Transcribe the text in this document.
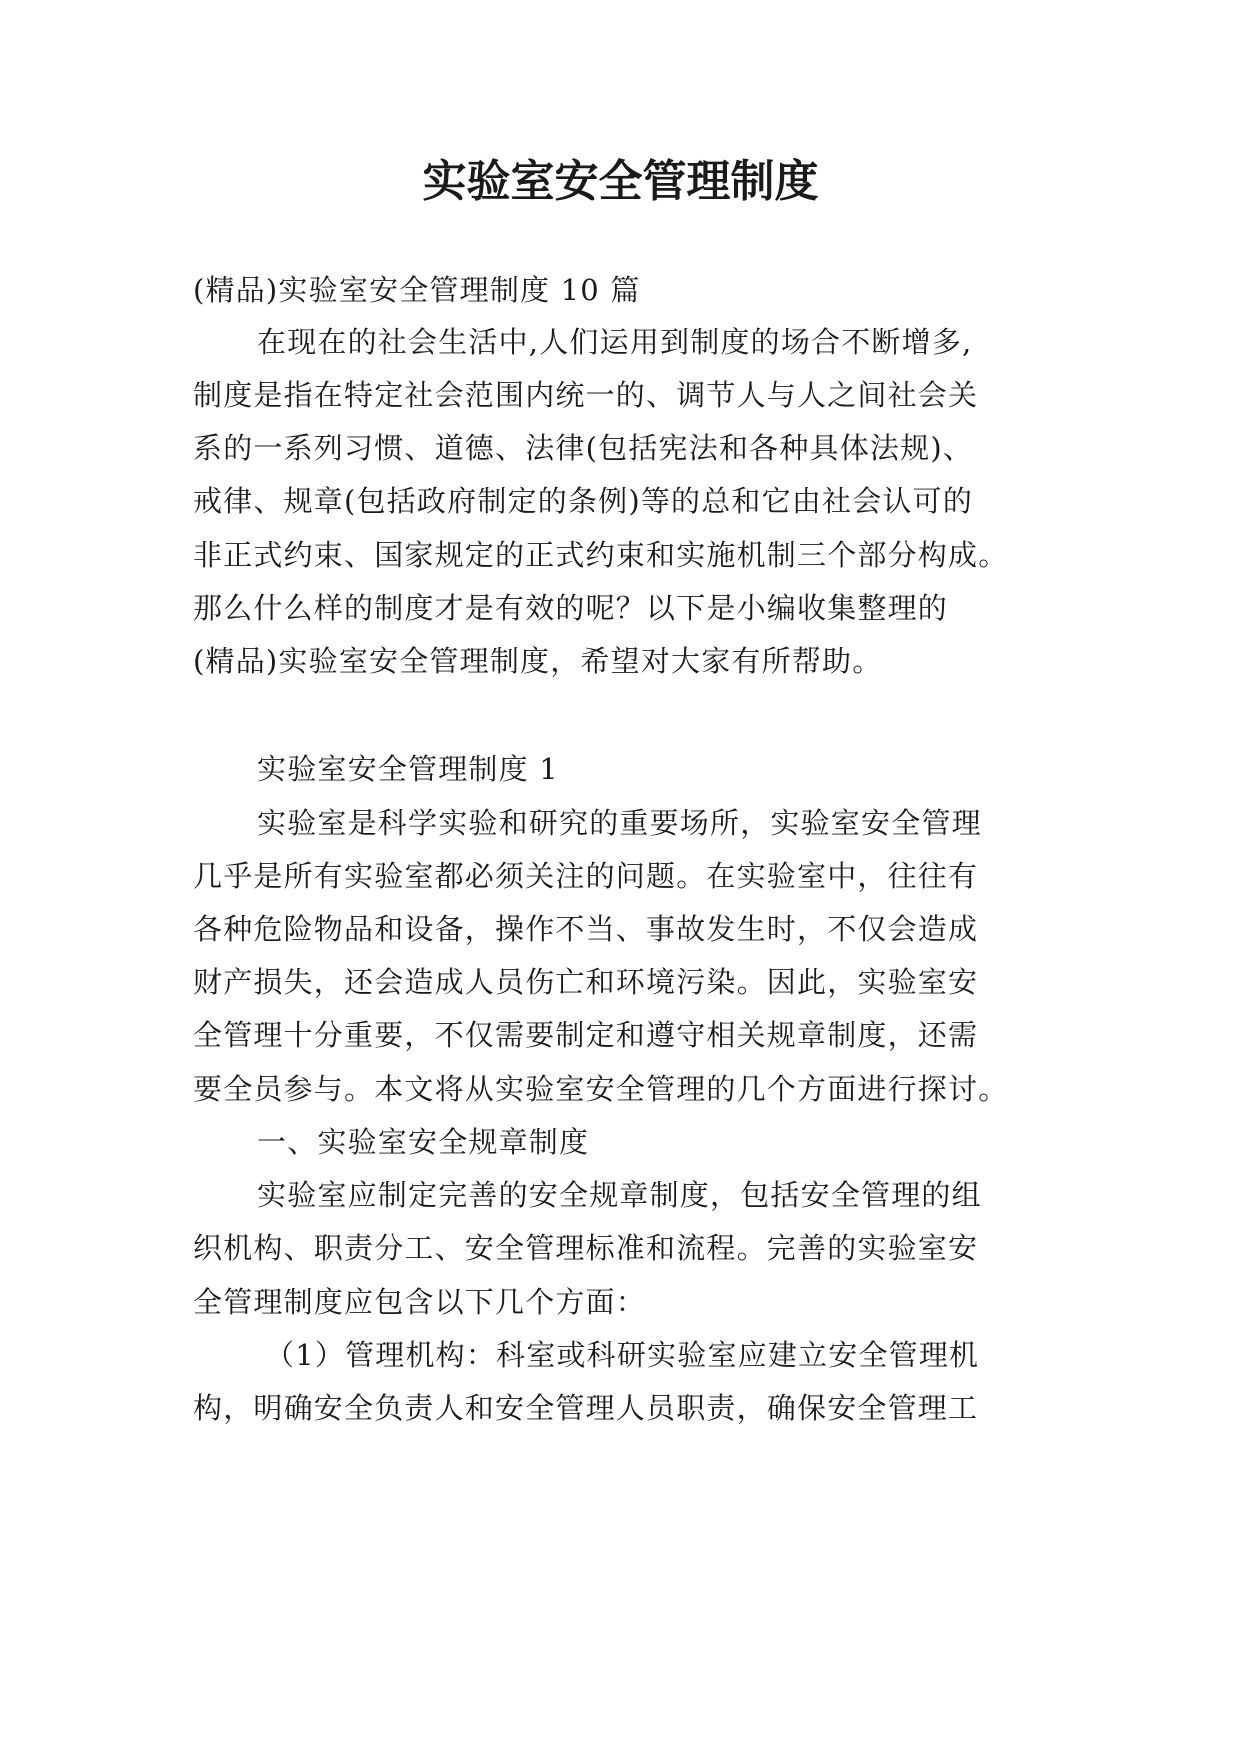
实验室安全管理制度

(精品)实验室安全管理制度 10 篇

在现在的社会生活中,人们运用到制度的场合不断增多,

制度是指在特定社会范围内统一的、调节人与人之间社会关

系的一系列习惯、道德、法律(包括宪法和各种具体法规)、

戒律、规章(包括政府制定的条例)等的总和它由社会认可的

非正式约束、国家规定的正式约束和实施机制三个部分构成。

那么什么样的制度才是有效的呢？以下是小编收集整理的

(精品)实验室安全管理制度，希望对大家有所帮助。

实验室安全管理制度 1

实验室是科学实验和研究的重要场所，实验室安全管理

几乎是所有实验室都必须关注的问题。在实验室中，往往有

各种危险物品和设备，操作不当、事故发生时，不仅会造成

财产损失，还会造成人员伤亡和环境污染。因此，实验室安

全管理十分重要，不仅需要制定和遵守相关规章制度，还需

要全员参与。本文将从实验室安全管理的几个方面进行探讨。

一、实验室安全规章制度

实验室应制定完善的安全规章制度，包括安全管理的组

织机构、职责分工、安全管理标准和流程。完善的实验室安

全管理制度应包含以下几个方面：

（1）管理机构：科室或科研实验室应建立安全管理机

构，明确安全负责人和安全管理人员职责，确保安全管理工
